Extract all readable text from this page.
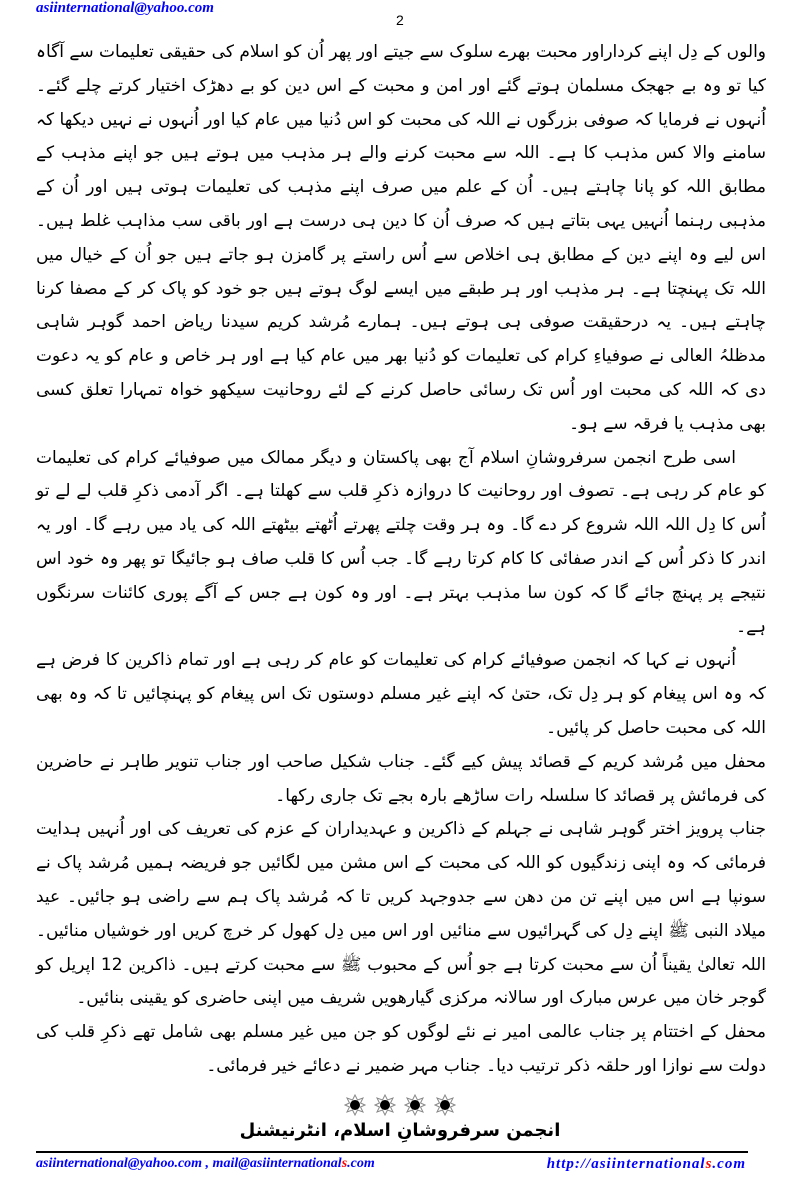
asiinternational@yahoo.com
2

والوں کے دِل اپنے کرداراور محبت بھرے سلوک سے جیتے اور پھر اُن کو اسلام کی حقیقی تعلیمات سے آگاہ کیا تو وہ بے جھجک مسلمان ہوتے گئے اور امن و محبت کے اس دین کو بے دھڑک اختیار کرتے چلے گئے۔ اُنہوں نے فرمایا کہ صوفی بزرگوں نے اللہ کی محبت کو اس دُنیا میں عام کیا اور اُنہوں نے نہیں دیکھا کہ سامنے والا کس مذہب کا ہے۔ اللہ سے محبت کرنے والے ہر مذہب میں ہوتے ہیں جو اپنے مذہب کے مطابق اللہ کو پانا چاہتے ہیں۔ اُن کے علم میں صرف اپنے مذہب کی تعلیمات ہوتی ہیں اور اُن کے مذہبی رہنما اُنہیں یہی بتاتے ہیں کہ صرف اُن کا دین ہی درست ہے اور باقی سب مذاہب غلط ہیں۔ اس لیے وہ اپنے دین کے مطابق ہی اخلاص سے اُس راستے پر گامزن ہو جاتے ہیں جو اُن کے خیال میں اللہ تک پہنچتا ہے۔ ہر مذہب اور ہر طبقے میں ایسے لوگ ہوتے ہیں جو خود کو پاک کر کے مصفا کرنا چاہتے ہیں۔ یہ درحقیقت صوفی ہی ہوتے ہیں۔ ہمارے مُرشد کریم سیدنا ریاض احمد گوہر شاہی مدظلہُ العالی نے صوفیاءِ کرام کی تعلیمات کو دُنیا بھر میں عام کیا ہے اور ہر خاص و عام کو یہ دعوت دی کہ اللہ کی محبت اور اُس تک رسائی حاصل کرنے کے لئے روحانیت سیکھو خواہ تمہارا تعلق کسی بھی مذہب یا فرقہ سے ہو۔

اسی طرح انجمن سرفروشانِ اسلام آج بھی پاکستان و دیگر ممالک میں صوفیائے کرام کی تعلیمات کو عام کر رہی ہے۔ تصوف اور روحانیت کا دروازہ ذکرِ قلب سے کھلتا ہے۔ اگر آدمی ذکرِ قلب لے لے تو اُس کا دِل اللہ اللہ شروع کر دے گا۔ وہ ہر وقت چلتے پھرتے اُٹھتے بیٹھتے اللہ کی یاد میں رہے گا۔ اور یہ اندر کا ذکر اُس کے اندر صفائی کا کام کرتا رہے گا۔ جب اُس کا قلب صاف ہو جائیگا تو پھر وہ خود اس نتیجے پر پہنچ جائے گا کہ کون سا مذہب بہتر ہے۔ اور وہ کون ہے جس کے آگے پوری کائنات سرنگوں ہے۔

اُنہوں نے کہا کہ انجمن صوفیائے کرام کی تعلیمات کو عام کر رہی ہے اور تمام ذاکرین کا فرض ہے کہ وہ اس پیغام کو ہر دِل تک، حتیٰ کہ اپنے غیر مسلم دوستوں تک اس پیغام کو پہنچائیں تا کہ وہ بھی اللہ کی محبت حاصل کر پائیں۔

محفل میں مُرشد کریم کے قصائد پیش کیے گئے۔ جناب شکیل صاحب اور جناب تنویر طاہر نے حاضرین کی فرمائش پر قصائد کا سلسلہ رات ساڑھے بارہ بجے تک جاری رکھا۔

جناب پرویز اختر گوہر شاہی نے جہلم کے ذاکرین و عہدیداران کے عزم کی تعریف کی اور اُنہیں ہدایت فرمائی کہ وہ اپنی زندگیوں کو اللہ کی محبت کے اس مشن میں لگائیں جو فریضہ ہمیں مُرشد پاک نے سونپا ہے اس میں اپنے تن من دھن سے جدوجہد کریں تا کہ مُرشد پاک ہم سے راضی ہو جائیں۔ عید میلاد النبی ﷺ اپنے دِل کی گہرائیوں سے منائیں اور اس میں دِل کھول کر خرچ کریں اور خوشیاں منائیں۔ اللہ تعالیٰ یقیناً اُن سے محبت کرتا ہے جو اُس کے محبوب ﷺ سے محبت کرتے ہیں۔ ذاکرین 12 اپریل کو گوجر خان میں عرس مبارک اور سالانہ مرکزی گیارھویں شریف میں اپنی حاضری کو یقینی بنائیں۔

محفل کے اختتام پر جناب عالمی امیر نے نئے لوگوں کو جن میں غیر مسلم بھی شامل تھے ذکرِ قلب کی دولت سے نوازا اور حلقہ ذکر ترتیب دیا۔ جناب مہر ضمیر نے دعائے خیر فرمائی۔

انجمن سرفروشانِ اسلام، انٹرنیشنل
asiinternational@yahoo.com , mail@asiinternationals.com	http://asiinternationals.com
